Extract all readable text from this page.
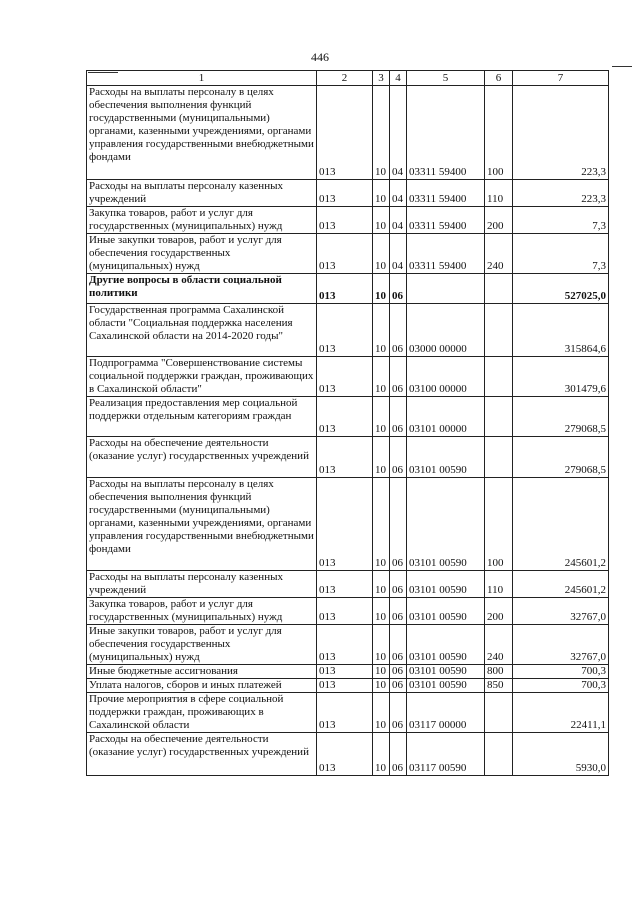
446
1	2	3	4	5	6	7
Расходы на выплаты персоналу в целях обеспечения выполнения функций государственными (муниципальными) органами, казенными учреждениями, органами управления государственными внебюджетными фондами	013	10	04	03311 59400	100	223,3
Расходы на выплаты персоналу казенных учреждений	013	10	04	03311 59400	110	223,3
Закупка товаров, работ и услуг для государственных (муниципальных) нужд	013	10	04	03311 59400	200	7,3
Иные закупки товаров, работ и услуг для обеспечения государственных (муниципальных) нужд	013	10	04	03311 59400	240	7,3
Другие вопросы в области социальной политики	013	10	06			527025,0
Государственная программа Сахалинской области "Социальная поддержка населения Сахалинской области на 2014-2020 годы"	013	10	06	03000 00000		315864,6
Подпрограмма "Совершенствование системы социальной поддержки граждан, проживающих в Сахалинской области"	013	10	06	03100 00000		301479,6
Реализация предоставления мер социальной поддержки отдельным категориям граждан	013	10	06	03101 00000		279068,5
Расходы на обеспечение деятельности (оказание услуг) государственных учреждений	013	10	06	03101 00590		279068,5
Расходы на выплаты персоналу в целях обеспечения выполнения функций государственными (муниципальными) органами, казенными учреждениями, органами управления государственными внебюджетными фондами	013	10	06	03101 00590	100	245601,2
Расходы на выплаты персоналу казенных учреждений	013	10	06	03101 00590	110	245601,2
Закупка товаров, работ и услуг для государственных (муниципальных) нужд	013	10	06	03101 00590	200	32767,0
Иные закупки товаров, работ и услуг для обеспечения государственных (муниципальных) нужд	013	10	06	03101 00590	240	32767,0
Иные бюджетные ассигнования	013	10	06	03101 00590	800	700,3
Уплата налогов, сборов и иных платежей	013	10	06	03101 00590	850	700,3
Прочие мероприятия в сфере социальной поддержки граждан, проживающих в Сахалинской области	013	10	06	03117 00000		22411,1
Расходы на обеспечение деятельности (оказание услуг) государственных учреждений	013	10	06	03117 00590		5930,0
